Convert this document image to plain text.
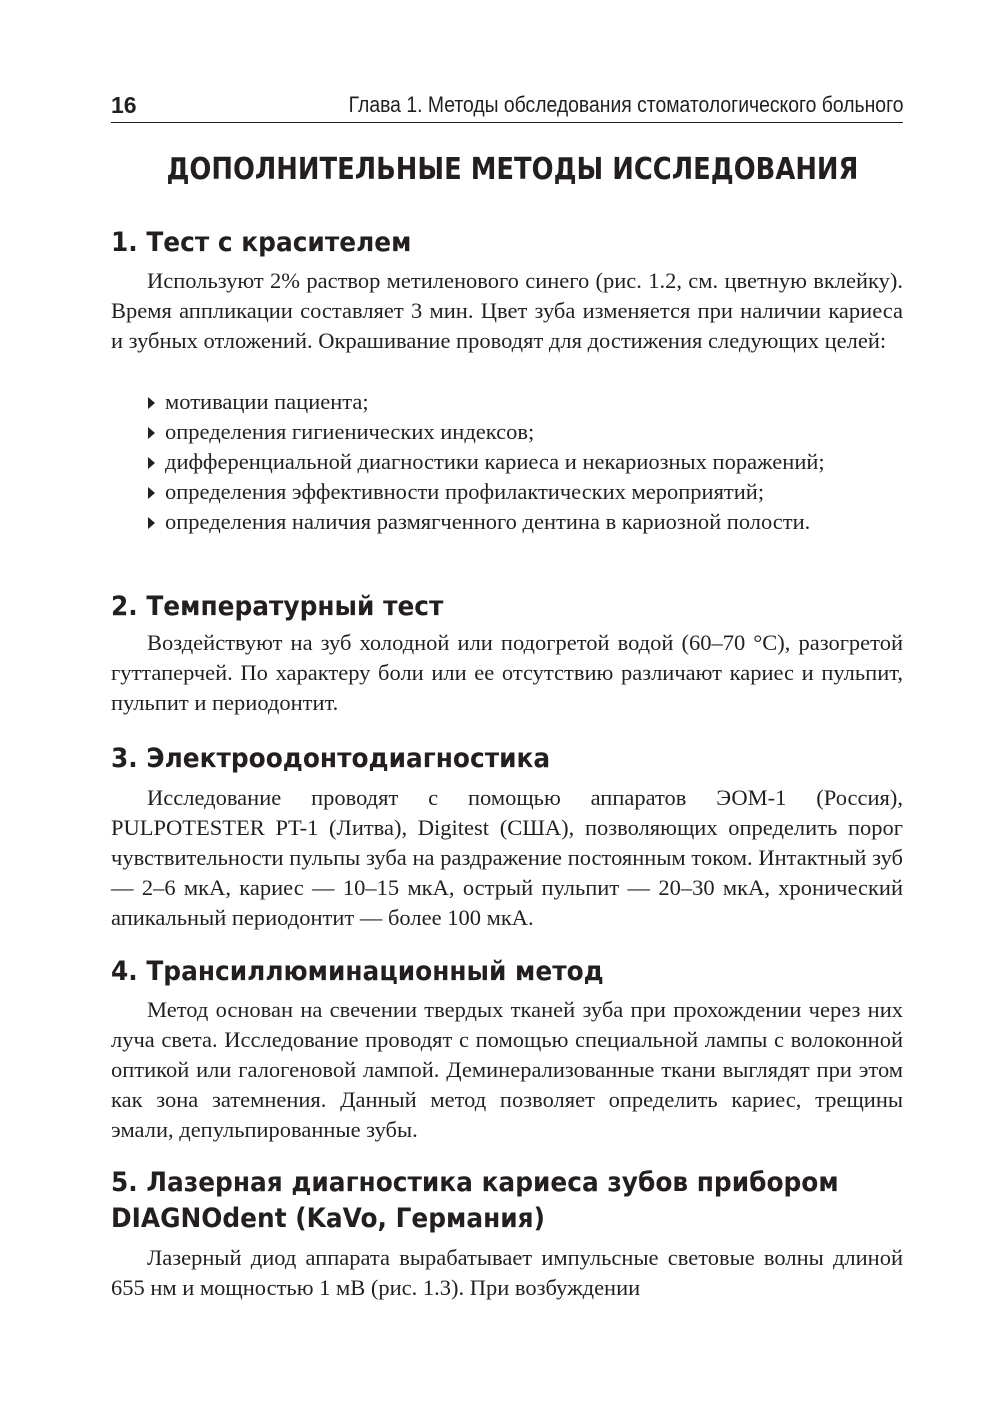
16	Глава 1. Методы обследования стоматологического больного
ДОПОЛНИТЕЛЬНЫЕ МЕТОДЫ ИССЛЕДОВАНИЯ
1. Тест с красителем

Используют 2% раствор метиленового синего (рис. 1.2, см. цветную вклейку). Время аппликации составляет 3 мин. Цвет зуба изменяется при наличии кариеса и зубных отложений. Окрашивание проводят для достижения следующих целей:

мотивации пациента;
определения гигиенических индексов;
дифференциальной диагностики кариеса и некариозных поражений;
определения эффективности профилактических мероприятий;
определения наличия размягченного дентина в кариозной полости.
2. Температурный тест

Воздействуют на зуб холодной или подогретой водой (60–70 °C), разогретой гуттаперчей. По характеру боли или ее отсутствию различают кариес и пульпит, пульпит и периодонтит.

3. Электроодонтодиагностика

Исследование проводят с помощью аппаратов ЭОМ-1 (Россия), PULPOTESTER PT-1 (Литва), Digitest (США), позволяющих определить порог чувствительности пульпы зуба на раздражение постоянным током. Интактный зуб — 2–6 мкА, кариес — 10–15 мкА, острый пульпит — 20–30 мкА, хронический апикальный периодонтит — более 100 мкА.

4. Трансиллюминационный метод

Метод основан на свечении твердых тканей зуба при прохождении через них луча света. Исследование проводят с помощью специальной лампы с волоконной оптикой или галогеновой лампой. Деминерализованные ткани выглядят при этом как зона затемнения. Данный метод позволяет определить кариес, трещины эмали, депульпированные зубы.

5. Лазерная диагностика кариеса зубов прибором
DIAGNOdent (KaVo, Германия)

Лазерный диод аппарата вырабатывает импульсные световые волны длиной 655 нм и мощностью 1 мВ (рис. 1.3). При возбуждении
